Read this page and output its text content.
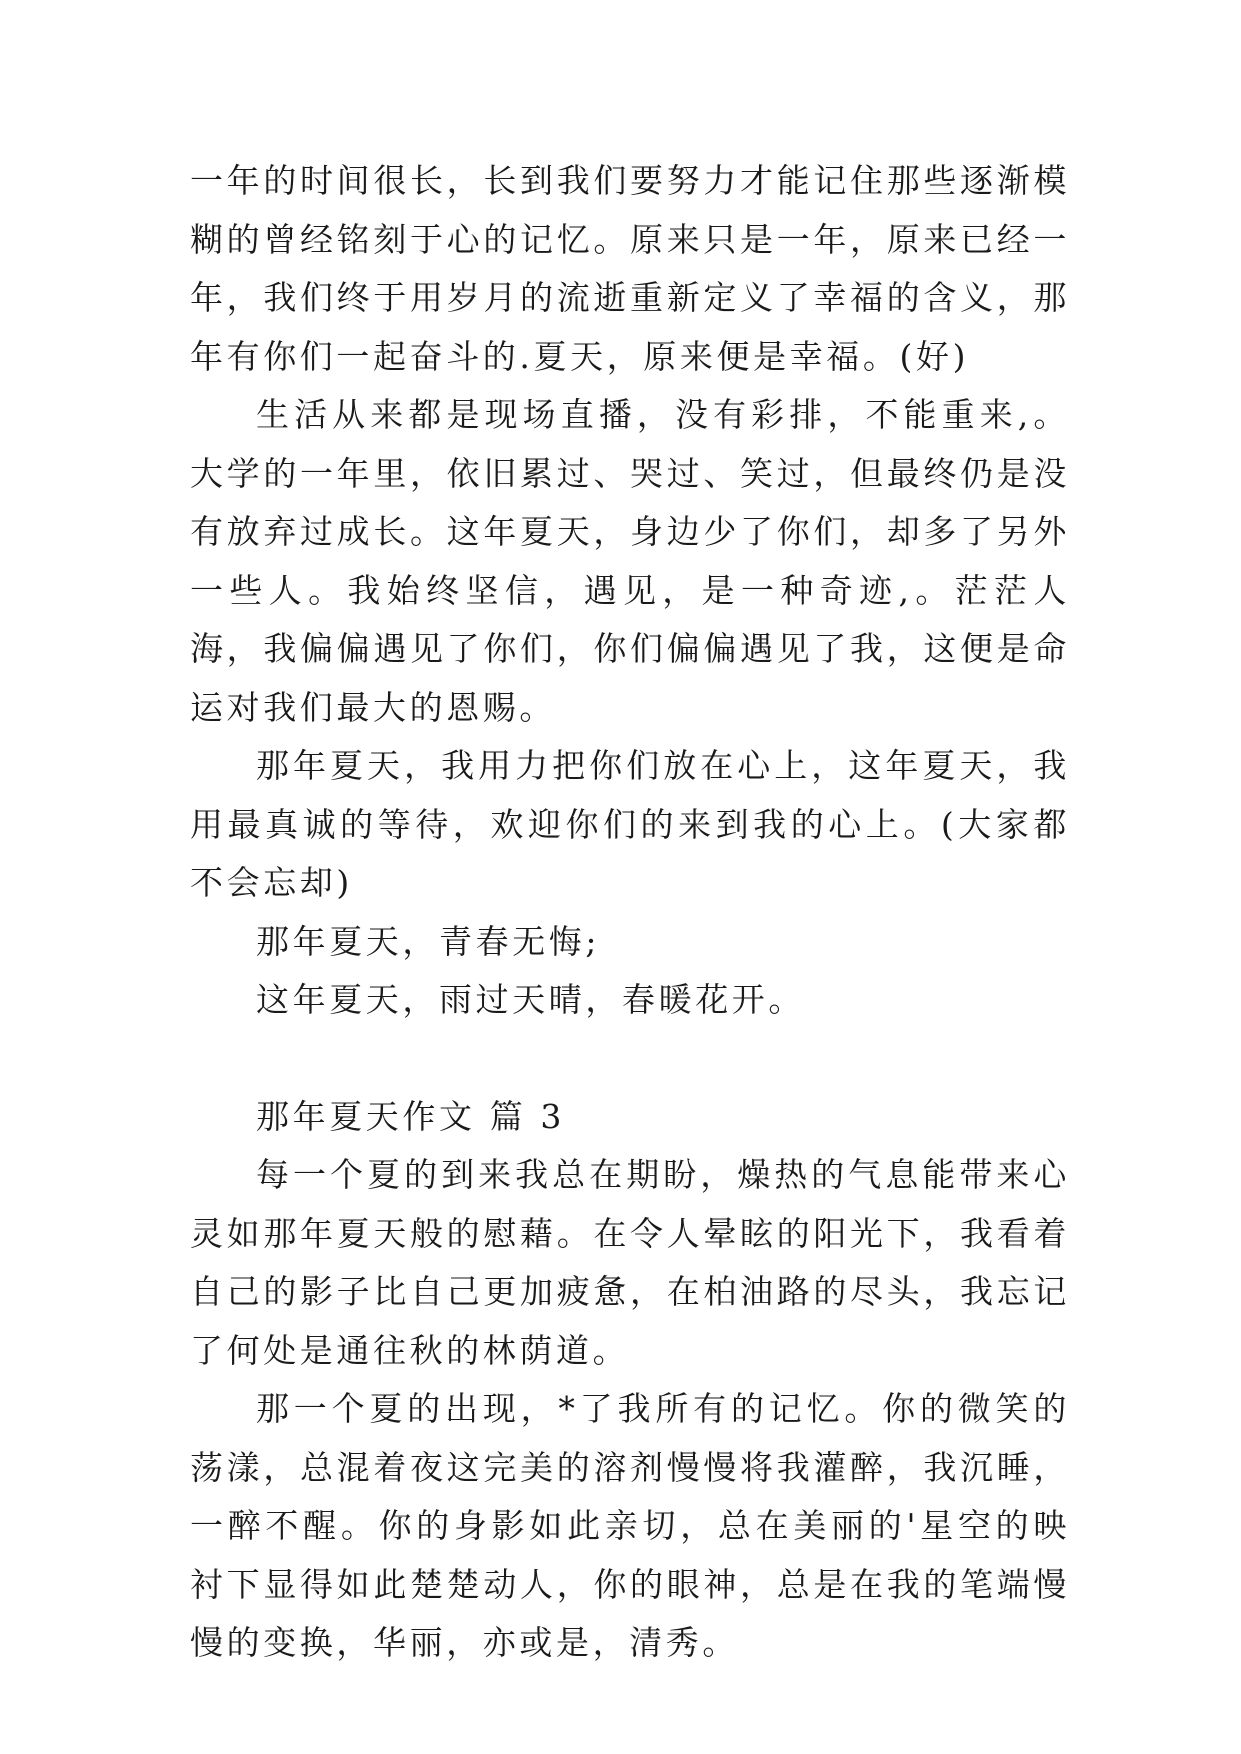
一年的时间很长，长到我们要努力才能记住那些逐渐模糊的曾经铭刻于心的记忆。原来只是一年，原来已经一年，我们终于用岁月的流逝重新定义了幸福的含义，那年有你们一起奋斗的.夏天，原来便是幸福。(好)

生活从来都是现场直播，没有彩排，不能重来,。大学的一年里，依旧累过、哭过、笑过，但最终仍是没有放弃过成长。这年夏天，身边少了你们，却多了另外一些人。我始终坚信，遇见，是一种奇迹,。茫茫人海，我偏偏遇见了你们，你们偏偏遇见了我，这便是命运对我们最大的恩赐。

那年夏天，我用力把你们放在心上，这年夏天，我用最真诚的等待，欢迎你们的来到我的心上。(大家都不会忘却)

那年夏天，青春无悔;

这年夏天，雨过天晴，春暖花开。

那年夏天作文 篇 3

每一个夏的到来我总在期盼，燥热的气息能带来心灵如那年夏天般的慰藉。在令人晕眩的阳光下，我看着自己的影子比自己更加疲惫，在柏油路的尽头，我忘记了何处是通往秋的林荫道。

那一个夏的出现，*了我所有的记忆。你的微笑的荡漾，总混着夜这完美的溶剂慢慢将我灌醉，我沉睡，一醉不醒。你的身影如此亲切，总在美丽的'星空的映衬下显得如此楚楚动人，你的眼神，总是在我的笔端慢慢的变换，华丽，亦或是，清秀。
